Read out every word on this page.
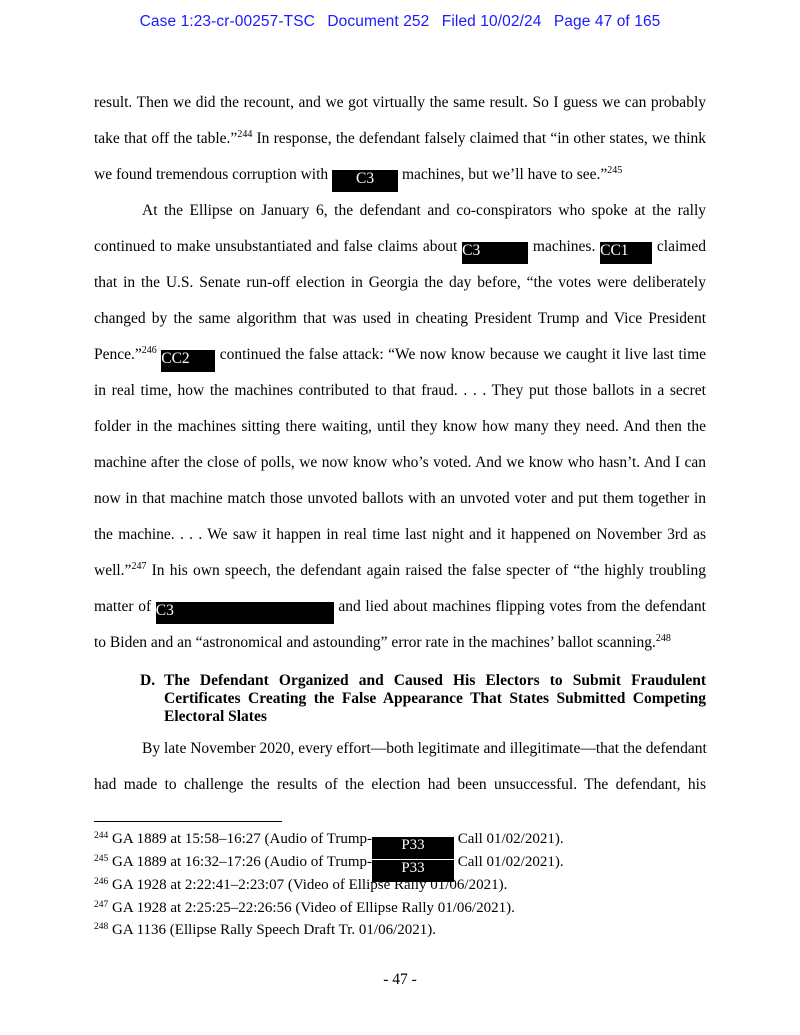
Case 1:23-cr-00257-TSC Document 252 Filed 10/02/24 Page 47 of 165
result. Then we did the recount, and we got virtually the same result. So I guess we can probably
take that off the table.”$^{244}$ In response, the defendant falsely claimed that “in other states, we think
we found tremendous corruption with C3 machines, but we’ll have to see.”$^{245}$
At the Ellipse on January 6, the defendant and co-conspirators who spoke at the rally
continued to make unsubstantiated and false claims about C3	machines. CC1 claimed
that in the U.S. Senate run-off election in Georgia the day before, “the votes were deliberately
changed by the same algorithm that was used in cheating President Trump and Vice President
Pence.”$^{246}$ CC2 continued the false attack: “We now know because we caught it live last time
in real time, how the machines contributed to that fraud. . . . They put those ballots in a secret
folder in the machines sitting there waiting, until they know how many they need. And then the
machine after the close of polls, we now know who’s voted. And we know who hasn’t. And I can
now in that machine match those unvoted ballots with an unvoted voter and put them together in
the machine. . . . We saw it happen in real time last night and it happened on November 3rd as
well.”$^{247}$ In his own speech, the defendant again raised the false specter of “the highly troubling
matter of C3	and lied about machines flipping votes from the defendant
to Biden and an “astronomical and astounding” error rate in the machines’ ballot scanning.$^{248}$
D. The Defendant Organized and Caused His Electors to Submit Fraudulent
Certificates Creating the False Appearance That States Submitted Competing
Electoral Slates
By late November 2020, every effort—both legitimate and illegitimate—that the defendant
had made to challenge the results of the election had been unsuccessful. The defendant, his
$^{244}$ GA 1889 at 15:58–16:27 (Audio of Trump- P33 Call 01/02/2021).
$^{245}$ GA 1889 at 16:32–17:26 (Audio of Trump- P33 Call 01/02/2021).
$^{246}$ GA 1928 at 2:22:41–2:23:07 (Video of Ellipse Rally 01/06/2021).
$^{247}$ GA 1928 at 2:25:25–22:26:56 (Video of Ellipse Rally 01/06/2021).
$^{248}$ GA 1136 (Ellipse Rally Speech Draft Tr. 01/06/2021).
- 47 -
